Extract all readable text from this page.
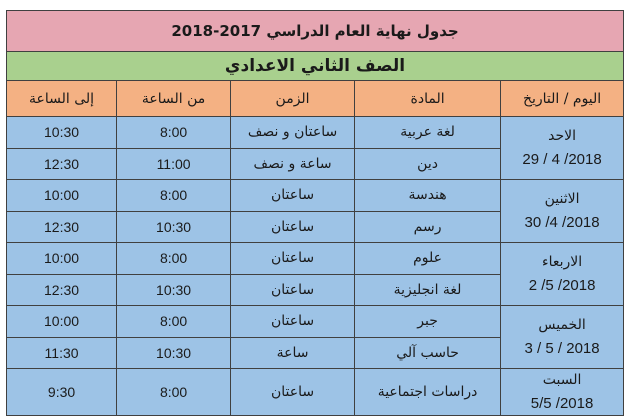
جدول نهاية العام الدراسي 2017-2018				
الصف الثاني الاعدادي				
اليوم / التاريخ	المادة	الزمن	من الساعة	إلى الساعة

الاحد
2018/ 4 / 29	لغة عربية	ساعتان و نصف	8:00	10:30
	دين	ساعة و نصف	11:00	12:30

الاثنين
2018/ 4/ 30	هندسة	ساعتان	8:00	10:00
	رسم	ساعتان	10:30	12:30

الاربعاء
2018/ 5/ 2	علوم	ساعتان	8:00	10:00
	لغة انجليزية	ساعتان	10:30	12:30

الخميس
2018 / 5 / 3	جبر	ساعتان	8:00	10:00
	حاسب آلي	ساعة	10:30	11:30

السبت
2018/ 5/5	دراسات اجتماعية	ساعتان	8:00	9:30
